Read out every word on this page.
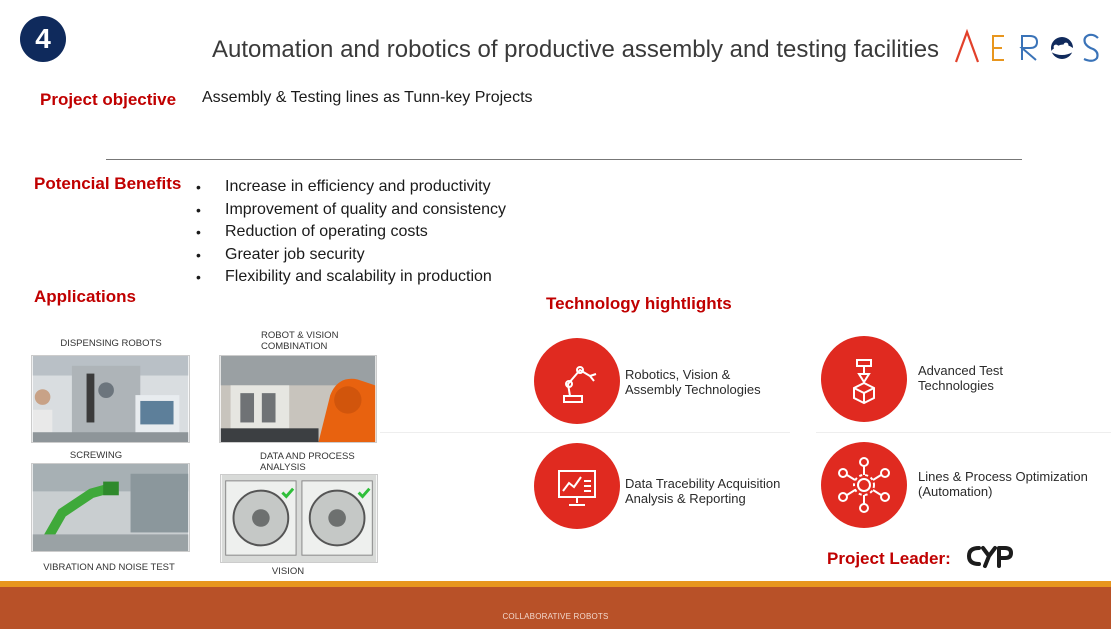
4	Automation and robotics of productive assembly and testing facilities
Project objective Assembly & Testing lines as Tunn-key Projects
Potencial Benefits •	Increase in efficiency and productivity
•	Improvement of quality and consistency
•	Reduction of operating costs
•	Greater job security
•	Flexibility and scalability in production
Applications
DISPENSING ROBOTS
ROBOT & VISION
COMBINATION
SCREWING	DATA AND PROCESS
ANALYSIS
VIBRATION AND NOISE TEST	VISION
Technology hightlights
Robotics, Vision &
Assembly Technologies
Advanced Test
Technologies
Data Tracebility Acquisition
Analysis & Reporting
Lines & Process Optimization
(Automation)
Project Leader:
COLLABORATIVE ROBOTS
